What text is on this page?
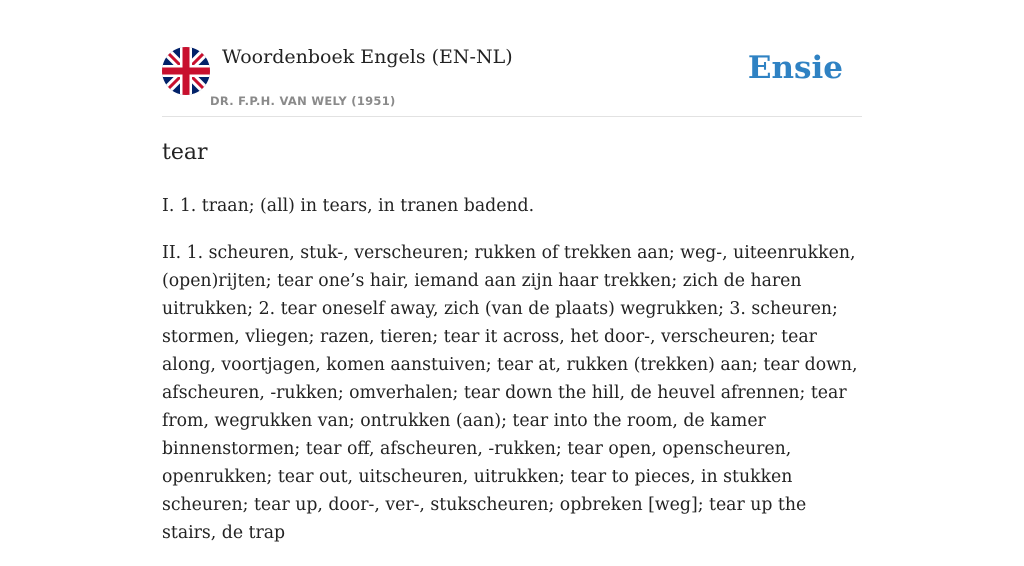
Woordenboek Engels (EN-NL)
DR. F.P.H. VAN WELY (1951)
Ensie
tear

I. 1. traan; (all) in tears, in tranen badend.

II. 1. scheuren, stuk-, verscheuren; rukken of trekken aan; weg-, uiteenrukken, (open)rijten; tear one’s hair, iemand aan zijn haar trekken; zich de haren uitrukken; 2. tear oneself away, zich (van de plaats) wegrukken; 3. scheuren; stormen, vliegen; razen, tieren; tear it across, het door-, verscheuren; tear along, voortjagen, komen aanstuiven; tear at, rukken (trekken) aan; tear down, afscheuren, -rukken; omverhalen; tear down the hill, de heuvel afrennen; tear from, wegrukken van; ontrukken (aan); tear into the room, de kamer binnenstormen; tear off, afscheuren, -rukken; tear open, openscheuren, openrukken; tear out, uitscheuren, uitrukken; tear to pieces, in stukken scheuren; tear up, door-, ver-, stukscheuren; opbreken [weg]; tear up the stairs, de trap
